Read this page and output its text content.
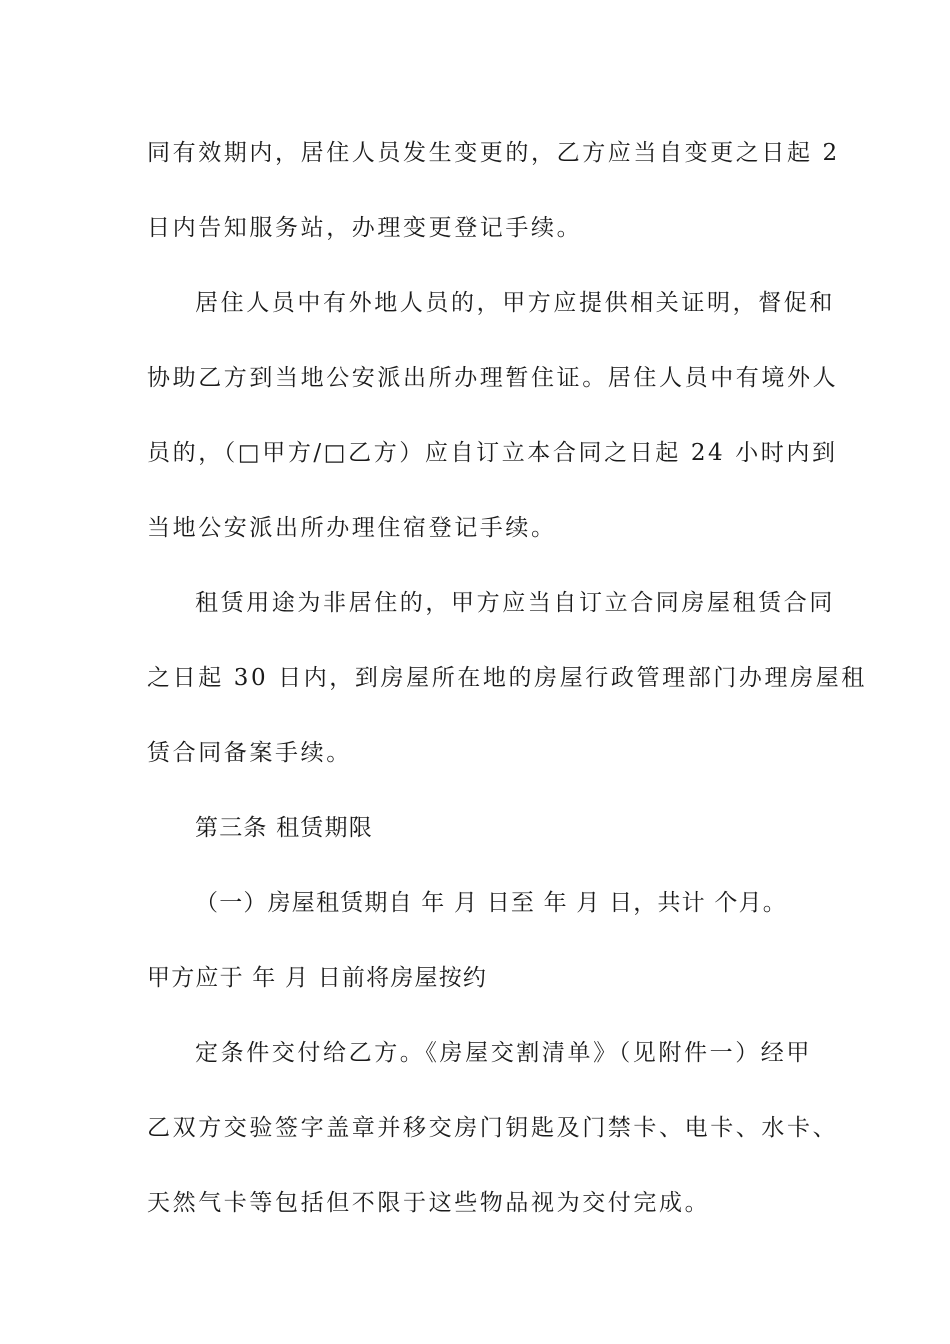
同有效期内，居住人员发生变更的，乙方应当自变更之日起 2
日内告知服务站，办理变更登记手续。
居住人员中有外地人员的，甲方应提供相关证明，督促和
协助乙方到当地公安派出所办理暂住证。居住人员中有境外人
员的，（□甲方/□乙方）应自订立本合同之日起 24 小时内到
当地公安派出所办理住宿登记手续。
租赁用途为非居住的，甲方应当自订立合同房屋租赁合同
之日起 30 日内，到房屋所在地的房屋行政管理部门办理房屋租
赁合同备案手续。
第三条 租赁期限
（一）房屋租赁期自 年 月 日至 年 月 日，共计 个月。
甲方应于 年 月 日前将房屋按约
定条件交付给乙方。《房屋交割清单》（见附件一）经甲
乙双方交验签字盖章并移交房门钥匙及门禁卡、电卡、水卡、
天然气卡等包括但不限于这些物品视为交付完成。
